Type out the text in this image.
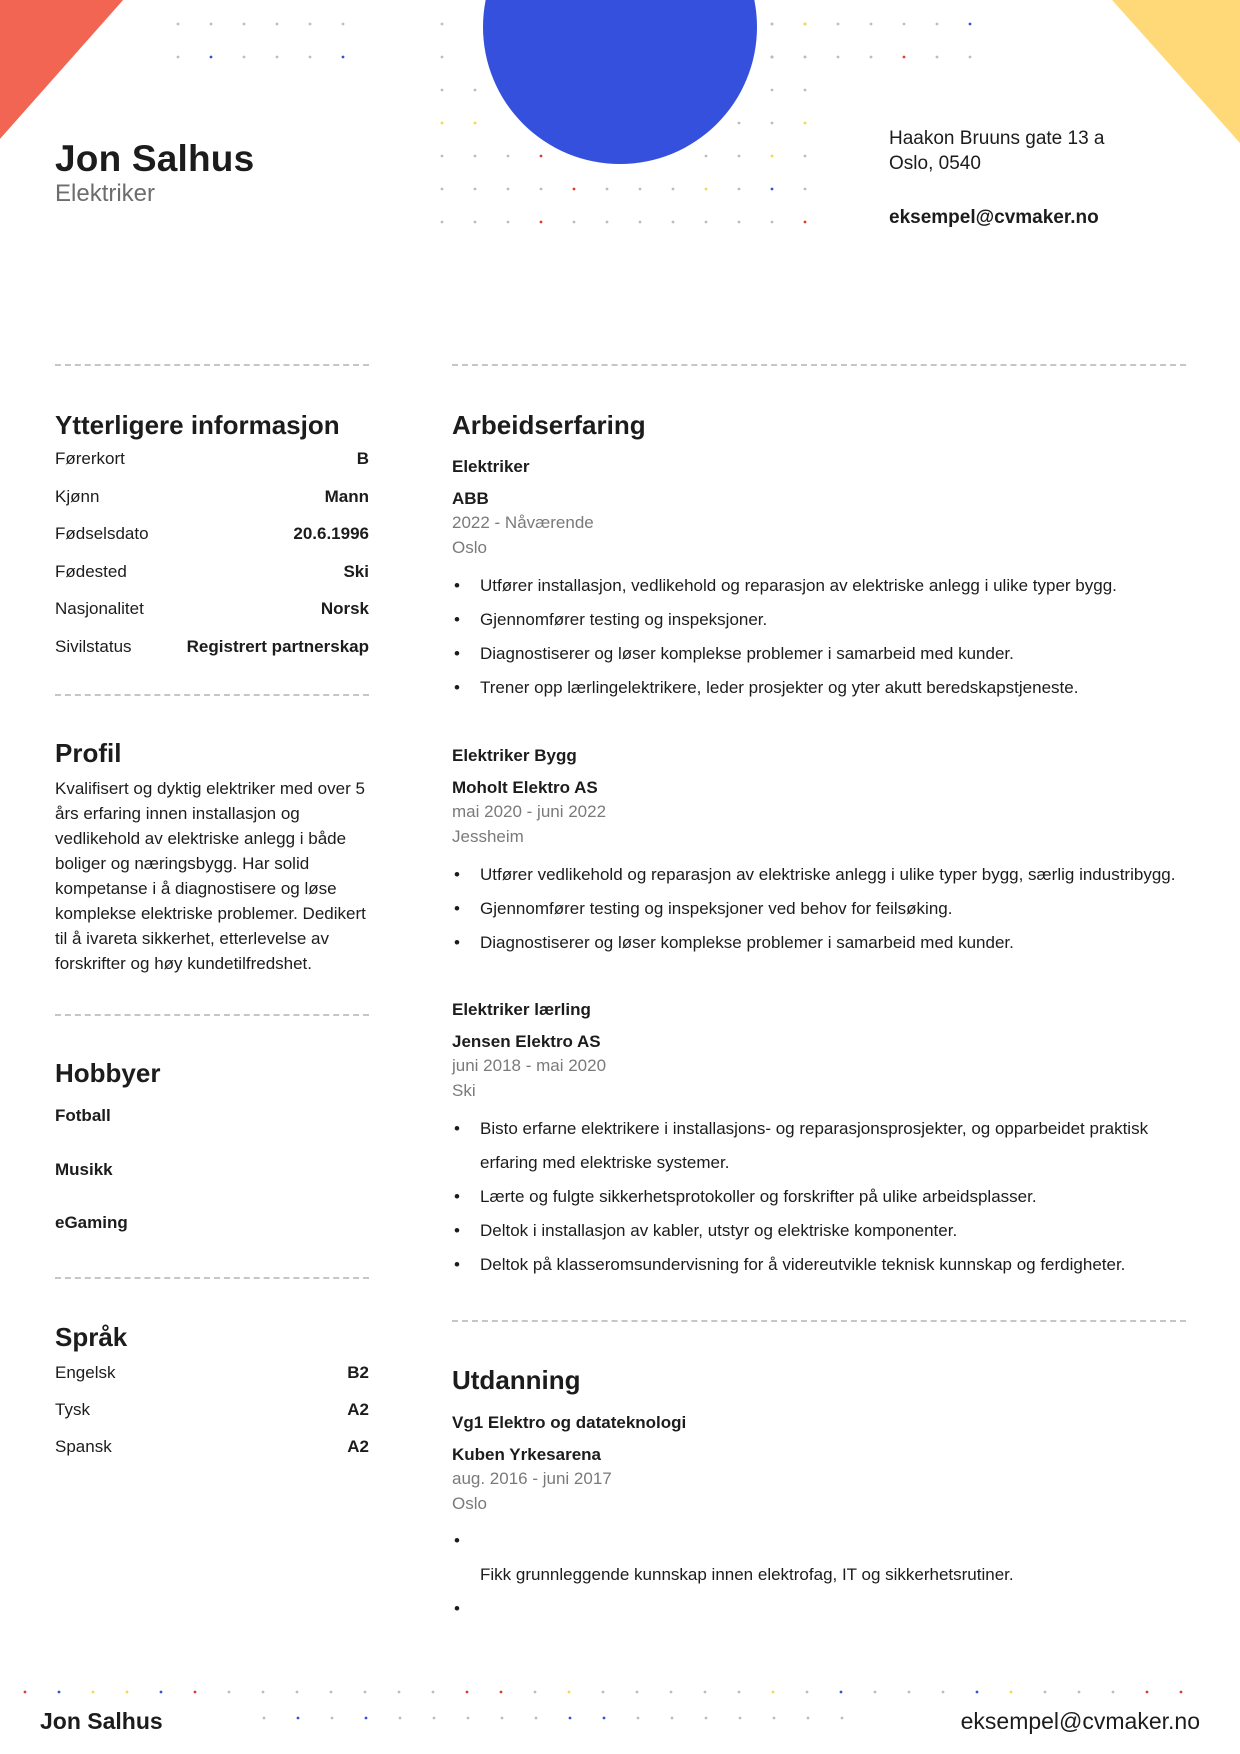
Jon Salhus
Elektriker
Haakon Bruuns gate 13 a
Oslo, 0540
eksempel@cvmaker.no
Ytterligere informasjon
Førerkort	B
Kjønn	Mann
Fødselsdato	20.6.1996
Fødested	Ski
Nasjonalitet	Norsk
Sivilstatus	Registrert partnerskap
Profil
Kvalifisert og dyktig elektriker med over 5 års erfaring innen installasjon og vedlikehold av elektriske anlegg i både boliger og næringsbygg. Har solid kompetanse i å diagnostisere og løse komplekse elektriske problemer. Dedikert til å ivareta sikkerhet, etterlevelse av forskrifter og høy kundetilfredshet.
Hobbyer
Fotball
Musikk
eGaming
Språk
Engelsk	B2
Tysk	A2
Spansk	A2
Arbeidserfaring
Elektriker
ABB
2022 - Nåværende
Oslo
• Utfører installasjon, vedlikehold og reparasjon av elektriske anlegg i ulike typer bygg.
• Gjennomfører testing og inspeksjoner.
• Diagnostiserer og løser komplekse problemer i samarbeid med kunder.
• Trener opp lærlingelektrikere, leder prosjekter og yter akutt beredskapstjeneste.
Elektriker Bygg
Moholt Elektro AS
mai 2020 - juni 2022
Jessheim
• Utfører vedlikehold og reparasjon av elektriske anlegg i ulike typer bygg, særlig industribygg.
• Gjennomfører testing og inspeksjoner ved behov for feilsøking.
• Diagnostiserer og løser komplekse problemer i samarbeid med kunder.
Elektriker lærling
Jensen Elektro AS
juni 2018 - mai 2020
Ski
• Bisto erfarne elektrikere i installasjons- og reparasjonsprosjekter, og opparbeidet praktisk erfaring med elektriske systemer.
• Lærte og fulgte sikkerhetsprotokoller og forskrifter på ulike arbeidsplasser.
• Deltok i installasjon av kabler, utstyr og elektriske komponenter.
• Deltok på klasseromsundervisning for å videreutvikle teknisk kunnskap og ferdigheter.
Utdanning
Vg1 Elektro og datateknologi
Kuben Yrkesarena
aug. 2016 - juni 2017
Oslo
•
Fikk grunnleggende kunnskap innen elektrofag, IT og sikkerhetsrutiner.
•
Jon Salhus	eksempel@cvmaker.no
